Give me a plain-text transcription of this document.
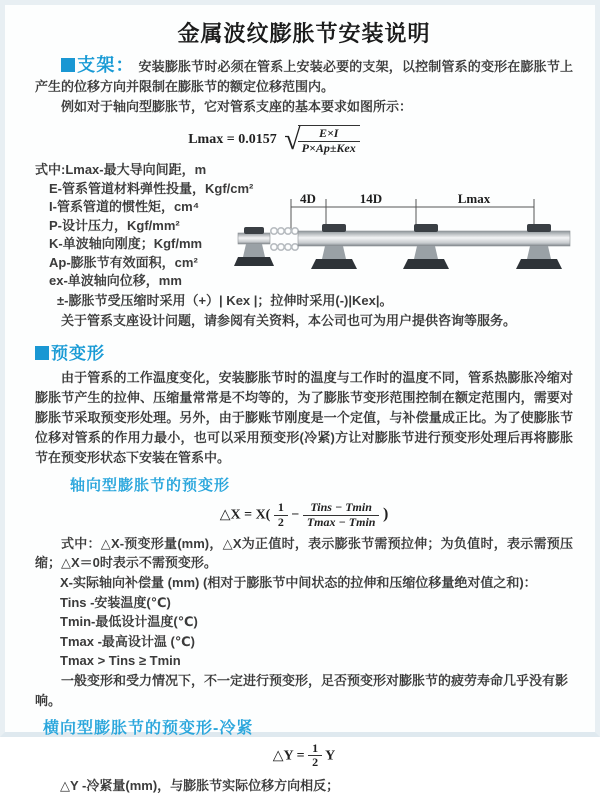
金属波纹膨胀节安装说明

支架： 安装膨胀节时必须在管系上安装必要的支架，以控制管系的变形在膨胀节上产生的位移方向并限制在膨胀节的额定位移范围内。

例如对于轴向型膨胀节，它对管系支座的基本要求如图所示：

Lmax = 0.0157 √
$\frac{E\times I}{\text{P×Ap±Kex}}$
式中:Lmax-最大导向间距，m
E-管系管道材料弹性投量，Kgf/cm²
I-管系管道的惯性矩，cm⁴
P-设计压力，Kgf/mm²
K-单波轴向刚度；Kgf/mm
Ap-膨胀节有效面积，cm²
ex-单波轴向位移，mm
4D	14D	Lmax

±-膨胀节受压缩时采用（+）| Kex |；拉伸时采用(-)|Kex|。

关于管系支座设计问题，请参阅有关资料，本公司也可为用户提供咨询等服务。

预变形

由于管系的工作温度变化，安装膨胀节时的温度与工作时的温度不同，管系热膨胀冷缩对膨胀节产生的拉伸、压缩量常常是不均等的，为了膨胀节变形范围控制在额定范围内，需要对膨胀节采取预变形处理。另外，由于膨账节刚度是一个定值，与补偿量成正比。为了使膨胀节位移对管系的作用力最小，也可以采用预变形(冷紧)方让对膨胀节进行预变形处理后再将膨胀节在预变形状态下安装在管系中。

轴向型膨胀节的预变形
△X = $X( \frac{1}{2} - \frac{\text{Tins − Tmin}}{Tmax - Tmin}$ )

式中：△X-预变形量(mm)，△X为正值时，表示膨张节需预拉伸；为负值时，表示需预压缩；△X＝0时表示不需预变形。

X-实际轴向补偿量 (mm) (相对于膨胀节中间状态的拉伸和压缩位移量绝对值之和)：

Tins -安装温度(℃)
Tmin-最低设计温度(℃)
Tmax -最高设计温 (℃)
Tmax > Tins ≥ Tmin

一般变形和受力情况下，不一定进行预变形，足否预变形对膨胀节的疲劳寿命几乎没有影响。

横向型膨胀节的预变形-冷紧
△Y = $\frac{1}{2}$ Y

△Y -冷紧量(mm)，与膨胀节实际位移方向相反；
